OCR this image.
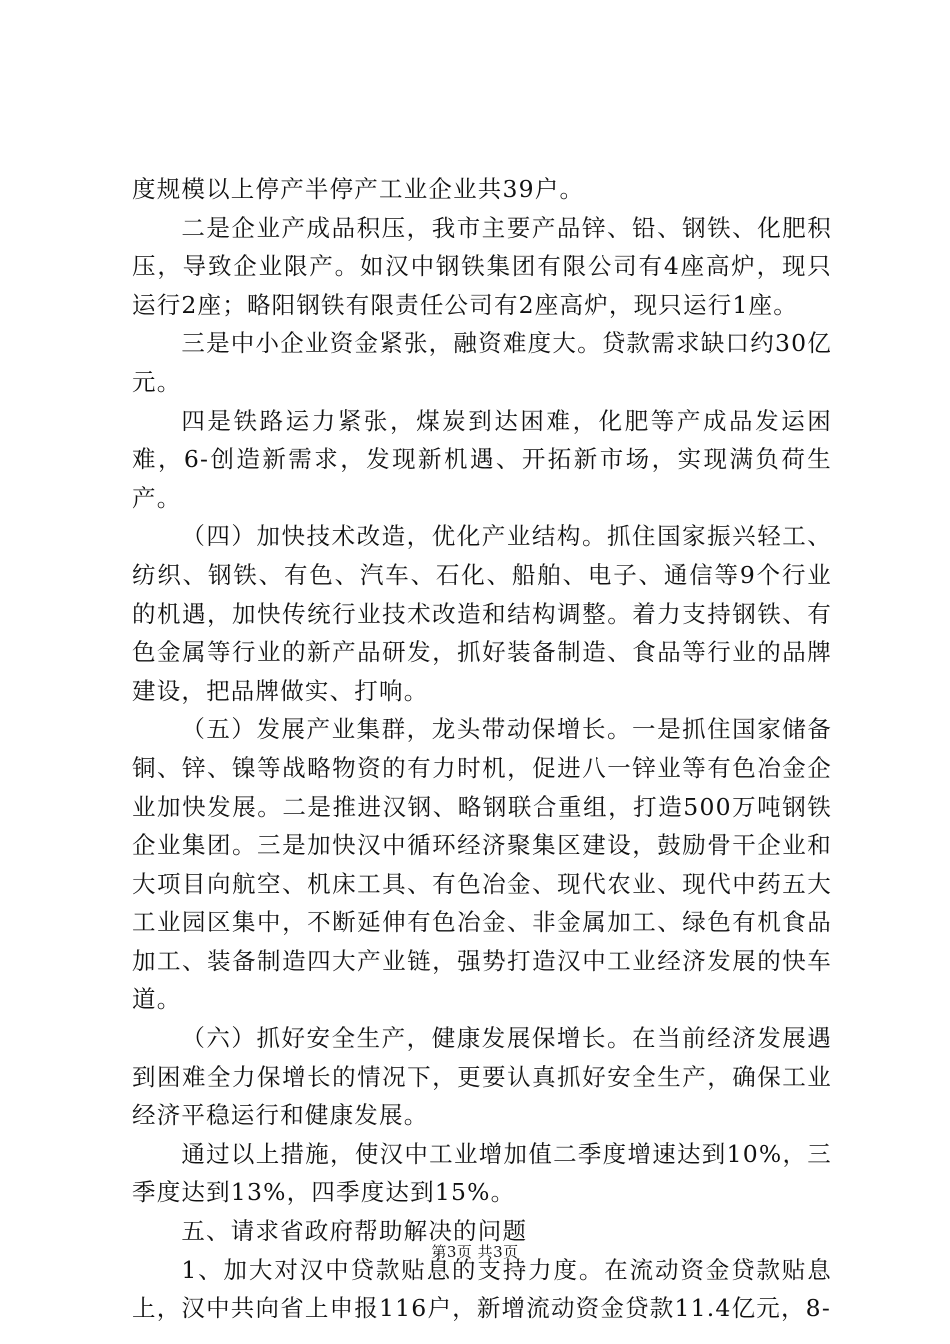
度规模以上停产半停产工业企业共39户。

二是企业产成品积压，我市主要产品锌、铅、钢铁、化肥积压，导致企业限产。如汉中钢铁集团有限公司有4座高炉，现只运行2座；略阳钢铁有限责任公司有2座高炉，现只运行1座。

三是中小企业资金紧张，融资难度大。贷款需求缺口约30亿元。

四是铁路运力紧张，煤炭到达困难，化肥等产成品发运困难，6-创造新需求，发现新机遇、开拓新市场，实现满负荷生产。

（四）加快技术改造，优化产业结构。抓住国家振兴轻工、纺织、钢铁、有色、汽车、石化、船舶、电子、通信等9个行业的机遇，加快传统行业技术改造和结构调整。着力支持钢铁、有色金属等行业的新产品研发，抓好装备制造、食品等行业的品牌建设，把品牌做实、打响。

（五）发展产业集群，龙头带动保增长。一是抓住国家储备铜、锌、镍等战略物资的有力时机，促进八一锌业等有色冶金企业加快发展。二是推进汉钢、略钢联合重组，打造500万吨钢铁企业集团。三是加快汉中循环经济聚集区建设，鼓励骨干企业和大项目向航空、机床工具、有色冶金、现代农业、现代中药五大工业园区集中，不断延伸有色冶金、非金属加工、绿色有机食品加工、装备制造四大产业链，强势打造汉中工业经济发展的快车道。

（六）抓好安全生产，健康发展保增长。在当前经济发展遇到困难全力保增长的情况下，更要认真抓好安全生产，确保工业经济平稳运行和健康发展。

通过以上措施，使汉中工业增加值二季度增速达到10%，三季度达到13%，四季度达到15%。

五、请求省政府帮助解决的问题

1、加大对汉中贷款贴息的支持力度。在流动资金贷款贴息上，汉中共向省上申报116户，新增流动资金贷款11.4亿元，8-

第3页 共3页
